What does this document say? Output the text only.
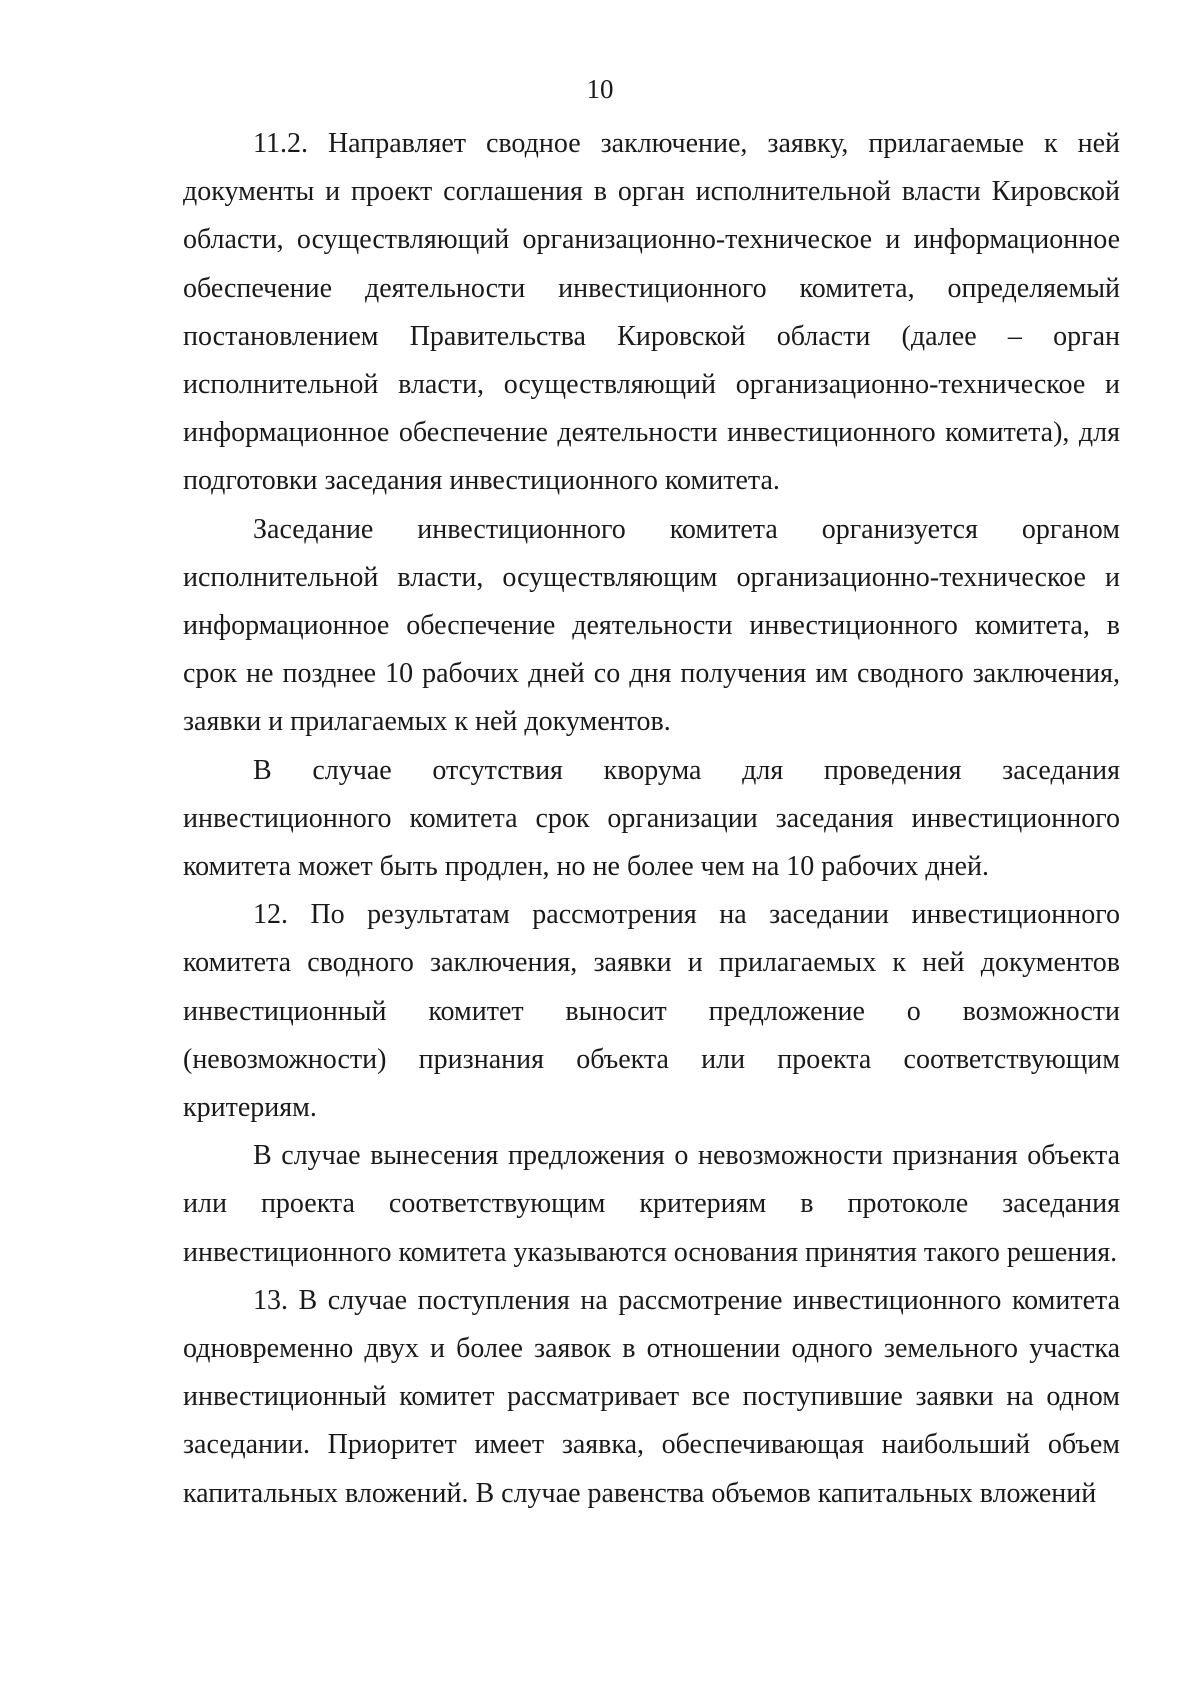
10

11.2. Направляет сводное заключение, заявку, прилагаемые к ней документы и проект соглашения в орган исполнительной власти Кировской области, осуществляющий организационно-техническое и информационное обеспечение деятельности инвестиционного комитета, определяемый постановлением Правительства Кировской области (далее – орган исполнительной власти, осуществляющий организационно-техническое и информационное обеспечение деятельности инвестиционного комитета), для подготовки заседания инвестиционного комитета.

Заседание инвестиционного комитета организуется органом исполнительной власти, осуществляющим организационно-техническое и информационное обеспечение деятельности инвестиционного комитета, в срок не позднее 10 рабочих дней со дня получения им сводного заключения, заявки и прилагаемых к ней документов.

В случае отсутствия кворума для проведения заседания инвестиционного комитета срок организации заседания инвестиционного комитета может быть продлен, но не более чем на 10 рабочих дней.

12. По результатам рассмотрения на заседании инвестиционного комитета сводного заключения, заявки и прилагаемых к ней документов инвестиционный комитет выносит предложение о возможности (невозможности) признания объекта или проекта соответствующим критериям.

В случае вынесения предложения о невозможности признания объекта или проекта соответствующим критериям в протоколе заседания инвестиционного комитета указываются основания принятия такого решения.

13. В случае поступления на рассмотрение инвестиционного комитета одновременно двух и более заявок в отношении одного земельного участка инвестиционный комитет рассматривает все поступившие заявки на одном заседании. Приоритет имеет заявка, обеспечивающая наибольший объем капитальных вложений. В случае равенства объемов капитальных вложений
